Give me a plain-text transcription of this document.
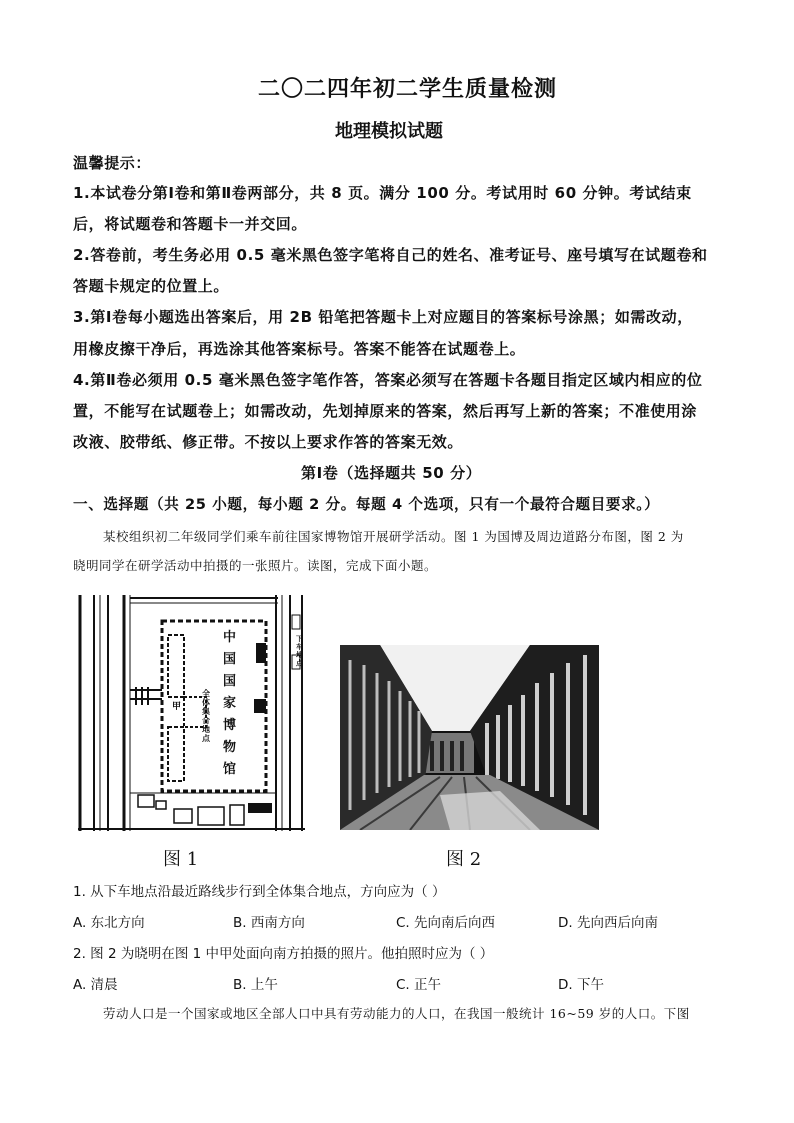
二〇二四年初二学生质量检测
地理模拟试题
温馨提示：
1.本试卷分第Ⅰ卷和第Ⅱ卷两部分，共 8 页。满分 100 分。考试用时 60 分钟。考试结束
后，将试题卷和答题卡一并交回。
2.答卷前，考生务必用 0.5 毫米黑色签字笔将自己的姓名、准考证号、座号填写在试题卷和
答题卡规定的位置上。
3.第Ⅰ卷每小题选出答案后，用 2B 铅笔把答题卡上对应题目的答案标号涂黑；如需改动，
用橡皮擦干净后，再选涂其他答案标号。答案不能答在试题卷上。
4.第Ⅱ卷必须用 0.5 毫米黑色签字笔作答，答案必须写在答题卡各题目指定区域内相应的位
置，不能写在试题卷上；如需改动，先划掉原来的答案，然后再写上新的答案；不准使用涂
改液、胶带纸、修正带。不按以上要求作答的答案无效。
第Ⅰ卷（选择题共 50 分）
一、选择题（共 25 小题，每小题 2 分。每题 4 个选项，只有一个最符合题目要求。）
某校组织初二年级同学们乘车前往国家博物馆开展研学活动。图 1 为国博及周边道路分布图，图 2 为
晓明同学在研学活动中拍摄的一张照片。读图，完成下面小题。
中
国
国
家
博
物
馆
甲
全体
集合
地点
下
车
地
点
图 1	图 2
1. 从下车地点沿最近路线步行到全体集合地点，方向应为（ ）
A. 东北方向	B. 西南方向	C. 先向南后向西	D. 先向西后向南
2. 图 2 为晓明在图 1 中甲处面向南方拍摄的照片。他拍照时应为（ ）
A. 清晨	B. 上午	C. 正午	D. 下午
劳动人口是一个国家或地区全部人口中具有劳动能力的人口，在我国一般统计 16~59 岁的人口。下图
